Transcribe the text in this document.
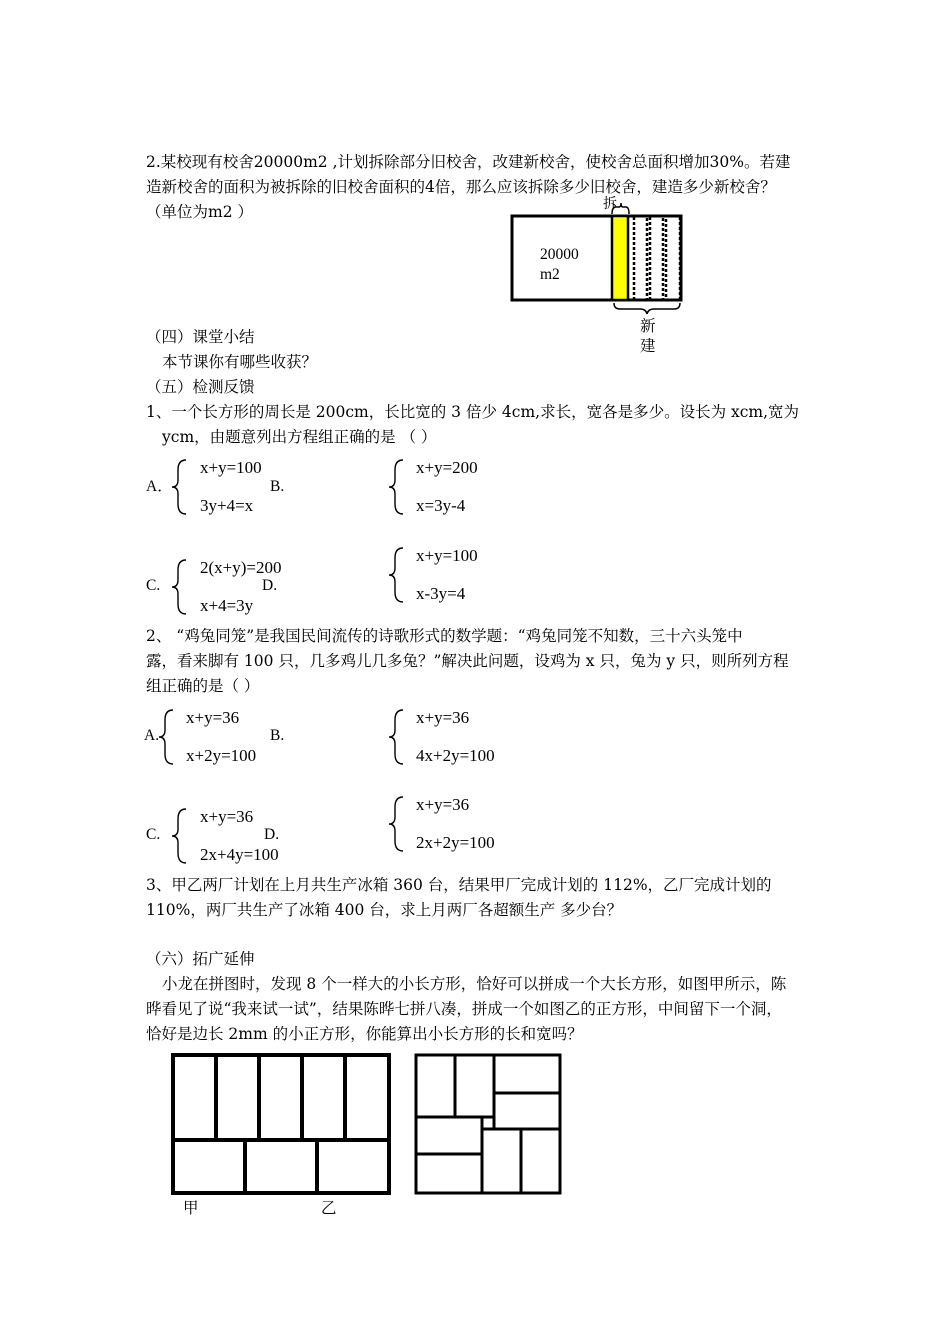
2.某校现有校舍20000m2 ,计划拆除部分旧校舍，改建新校舍，使校舍总面积增加30%。若建
造新校舍的面积为被拆除的旧校舍面积的4倍，那么应该拆除多少旧校舍，建造多少新校舍？
（单位为m2 ）
20000
m2
拆
新
建
（四）课堂小结
本节课你有哪些收获？
（五）检测反馈
1、一个长方形的周长是 200cm，长比宽的 3 倍少 4cm,求长，宽各是多少。设长为 xcm,宽为
ycm，由题意列出方程组正确的是 （ ）
A．
x+y=100
3y+4=x
B.
x+y=200
x=3y-4
C.
2(x+y)=200
x+4=3y
D.
x+y=100
x-3y=4
2、 “鸡兔同笼”是我国民间流传的诗歌形式的数学题：“鸡兔同笼不知数，三十六头笼中
露，看来脚有 100 只，几多鸡儿几多兔？”解决此问题，设鸡为 x 只，兔为 y 只，则所列方程
组正确的是（ ）
A.
x+y=36
x+2y=100
B.
x+y=36
4x+2y=100
C.
x+y=36
2x+4y=100
D.
x+y=36
2x+2y=100
3、甲乙两厂计划在上月共生产冰箱 360 台，结果甲厂完成计划的 112%，乙厂完成计划的
110%，两厂共生产了冰箱 400 台，求上月两厂各超额生产 多少台？
（六）拓广延伸
小龙在拼图时，发现 8 个一样大的小长方形，恰好可以拼成一个大长方形，如图甲所示，陈
晔看见了说“我来试一试”，结果陈晔七拼八凑，拼成一个如图乙的正方形，中间留下一个洞，
恰好是边长 2mm 的小正方形，你能算出小长方形的长和宽吗？
甲	乙
